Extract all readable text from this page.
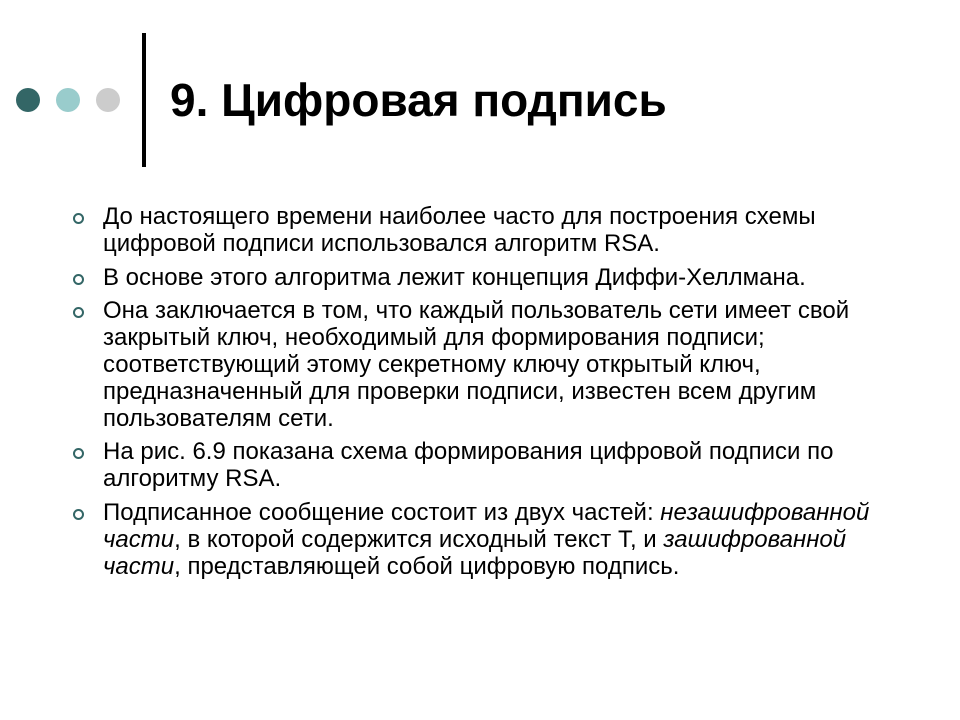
9. Цифровая подпись
До настоящего времени наиболее часто для построения схемы цифровой подписи использовался алгоритм RSA.
В основе этого алгоритма лежит концепция Диффи-Хеллмана.
Она заключается в том, что каждый пользователь сети имеет свой закрытый ключ, необходимый для формирования подписи; соответствующий этому секретному ключу открытый ключ, предназначенный для проверки подписи, известен всем другим пользователям сети.
На рис. 6.9 показана схема формирования цифровой подписи по алгоритму RSA.
Подписанное сообщение состоит из двух частей: незашифрованной части, в которой содержится исходный текст Т, и зашифрованной части, представляющей собой цифровую подпись.
